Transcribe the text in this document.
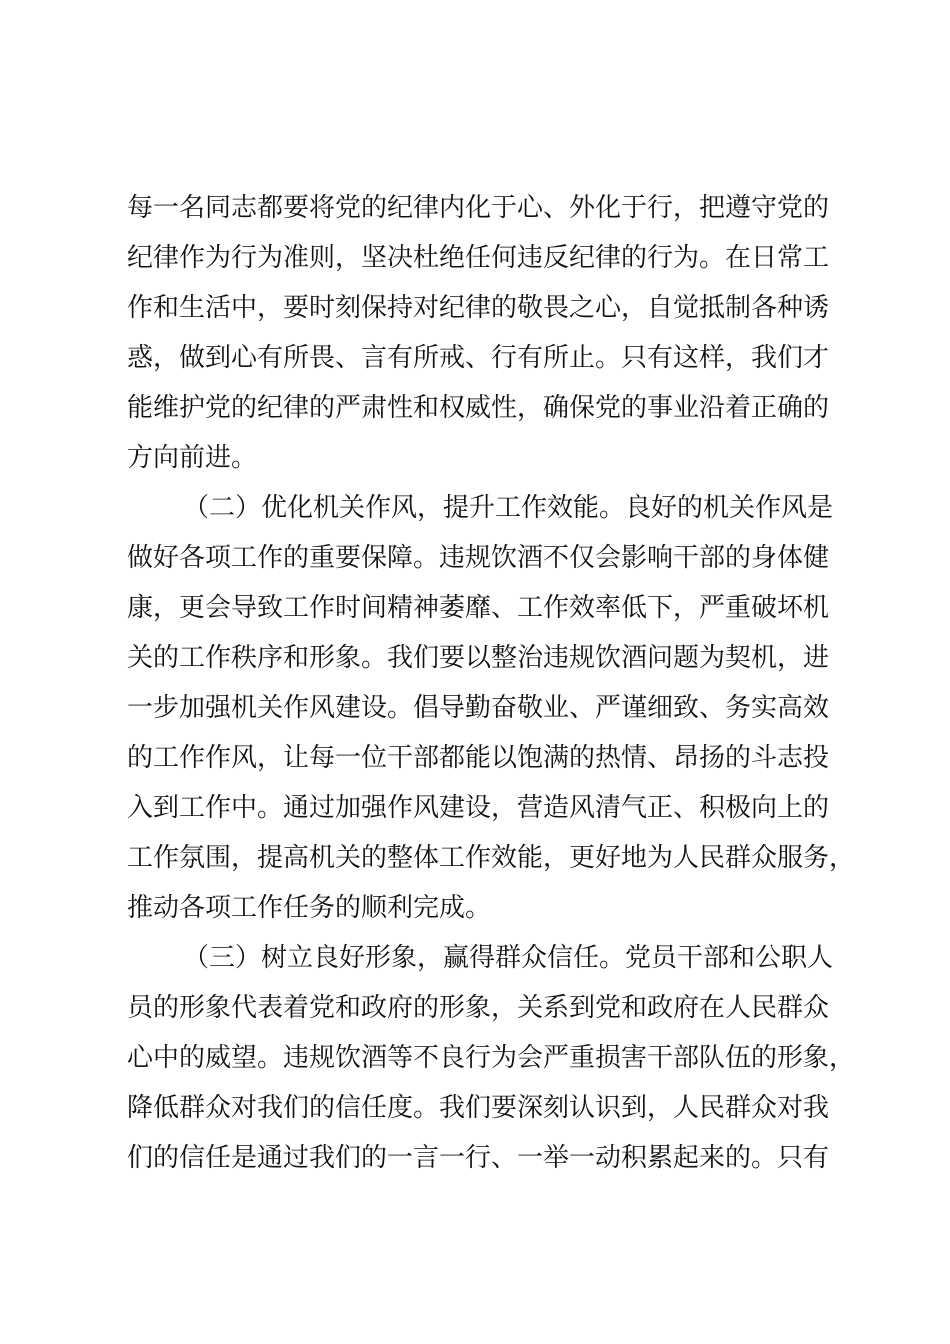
每一名同志都要将党的纪律内化于心、外化于行，把遵守党的
纪律作为行为准则，坚决杜绝任何违反纪律的行为。在日常工
作和生活中，要时刻保持对纪律的敬畏之心，自觉抵制各种诱
惑，做到心有所畏、言有所戒、行有所止。只有这样，我们才
能维护党的纪律的严肃性和权威性，确保党的事业沿着正确的
方向前进。
（二）优化机关作风，提升工作效能。良好的机关作风是
做好各项工作的重要保障。违规饮酒不仅会影响干部的身体健
康，更会导致工作时间精神萎靡、工作效率低下，严重破坏机
关的工作秩序和形象。我们要以整治违规饮酒问题为契机，进
一步加强机关作风建设。倡导勤奋敬业、严谨细致、务实高效
的工作作风，让每一位干部都能以饱满的热情、昂扬的斗志投
入到工作中。通过加强作风建设，营造风清气正、积极向上的
工作氛围，提高机关的整体工作效能，更好地为人民群众服务，
推动各项工作任务的顺利完成。
（三）树立良好形象，赢得群众信任。党员干部和公职人
员的形象代表着党和政府的形象，关系到党和政府在人民群众
心中的威望。违规饮酒等不良行为会严重损害干部队伍的形象，
降低群众对我们的信任度。我们要深刻认识到，人民群众对我
们的信任是通过我们的一言一行、一举一动积累起来的。只有
